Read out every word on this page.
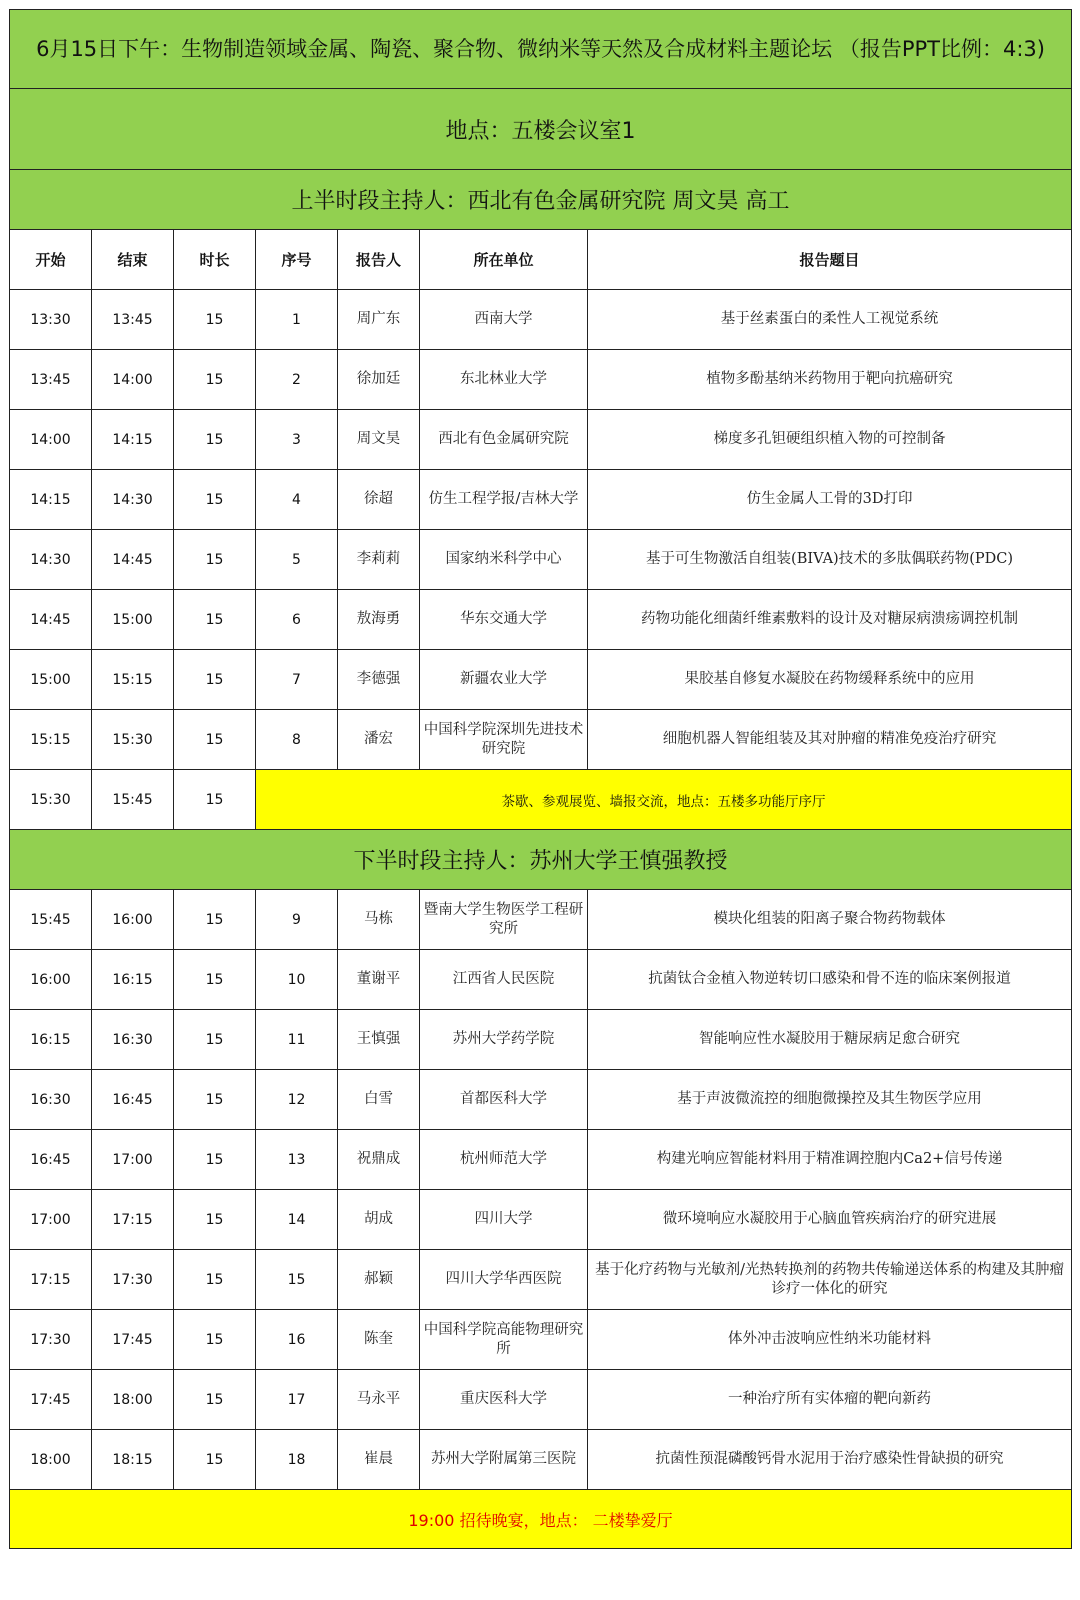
6月15日下午：生物制造领域金属、陶瓷、聚合物、微纳米等天然及合成材料主题论坛 （报告PPT比例：4:3)						
地点：五楼会议室1						
上半时段主持人：西北有色金属研究院 周文昊 高工						
开始	结束	时长	序号	报告人	所在单位	报告题目
13:30	13:45	15	1	周广东	西南大学	基于丝素蛋白的柔性人工视觉系统
13:45	14:00	15	2	徐加廷	东北林业大学	植物多酚基纳米药物用于靶向抗癌研究
14:00	14:15	15	3	周文昊	西北有色金属研究院	梯度多孔钽硬组织植入物的可控制备
14:15	14:30	15	4	徐超	仿生工程学报/吉林大学	仿生金属人工骨的3D打印
14:30	14:45	15	5	李莉莉	国家纳米科学中心	基于可生物激活自组装(BIVA)技术的多肽偶联药物(PDC)
14:45	15:00	15	6	敖海勇	华东交通大学	药物功能化细菌纤维素敷料的设计及对糖尿病溃疡调控机制
15:00	15:15	15	7	李德强	新疆农业大学	果胶基自修复水凝胶在药物缓释系统中的应用
15:15	15:30	15	8	潘宏	中国科学院深圳先进技术研究院	细胞机器人智能组装及其对肿瘤的精准免疫治疗研究
15:30	15:45	15	茶歇、参观展览、墙报交流，地点：五楼多功能厅序厅			
下半时段主持人：苏州大学王慎强教授						
15:45	16:00	15	9	马栋	暨南大学生物医学工程研究所	模块化组装的阳离子聚合物药物载体
16:00	16:15	15	10	董谢平	江西省人民医院	抗菌钛合金植入物逆转切口感染和骨不连的临床案例报道
16:15	16:30	15	11	王慎强	苏州大学药学院	智能响应性水凝胶用于糖尿病足愈合研究
16:30	16:45	15	12	白雪	首都医科大学	基于声波微流控的细胞微操控及其生物医学应用
16:45	17:00	15	13	祝鼎成	杭州师范大学	构建光响应智能材料用于精准调控胞内Ca2+信号传递
17:00	17:15	15	14	胡成	四川大学	微环境响应水凝胶用于心脑血管疾病治疗的研究进展
17:15	17:30	15	15	郝颖	四川大学华西医院	基于化疗药物与光敏剂/光热转换剂的药物共传输递送体系的构建及其肿瘤诊疗一体化的研究
17:30	17:45	15	16	陈奎	中国科学院高能物理研究所	体外冲击波响应性纳米功能材料
17:45	18:00	15	17	马永平	重庆医科大学	一种治疗所有实体瘤的靶向新药
18:00	18:15	15	18	崔晨	苏州大学附属第三医院	抗菌性预混磷酸钙骨水泥用于治疗感染性骨缺损的研究
19:00 招待晚宴，地点： 二楼挚爱厅						
